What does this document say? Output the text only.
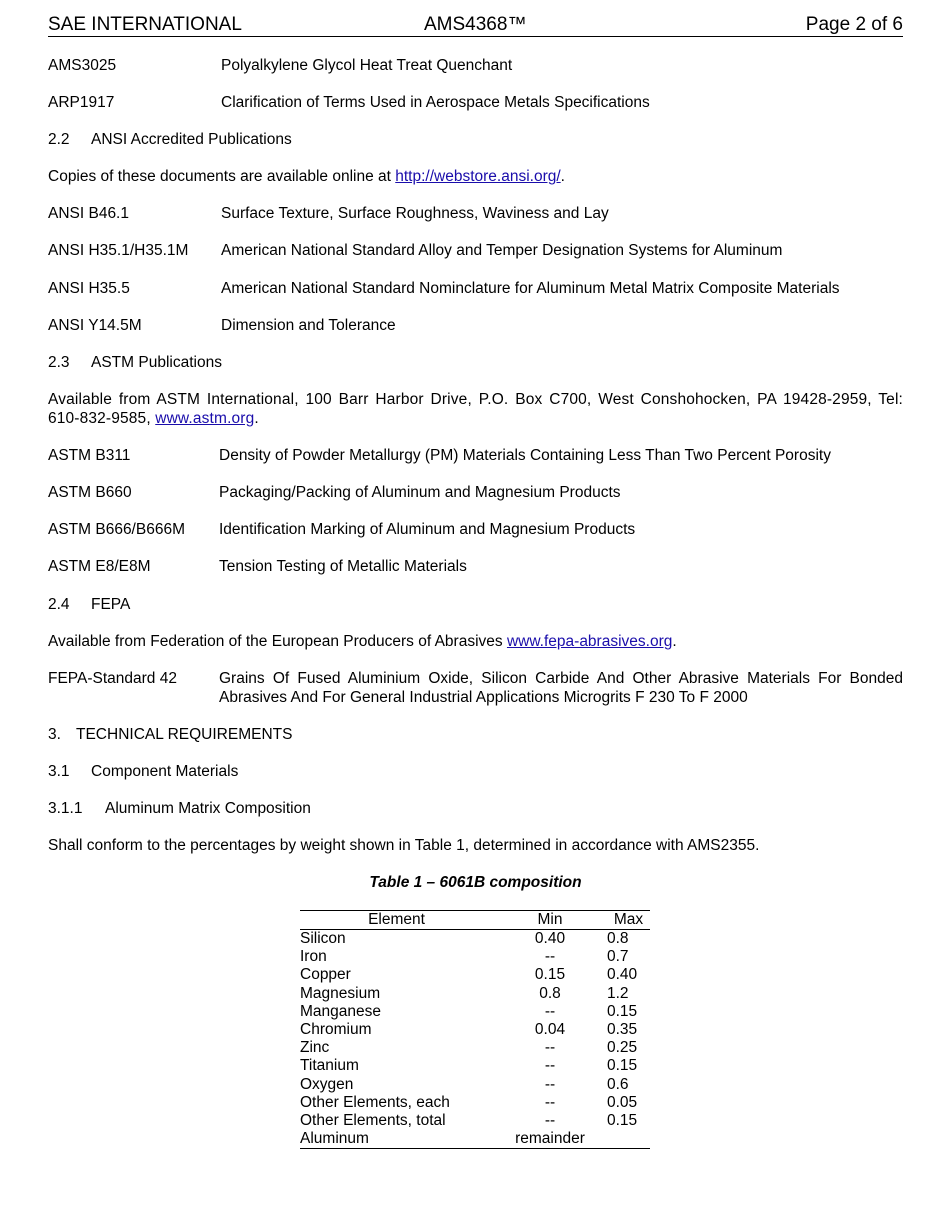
SAE INTERNATIONAL	AMS4368™	Page 2 of 6
AMS3025	Polyalkylene Glycol Heat Treat Quenchant
ARP1917	Clarification of Terms Used in Aerospace Metals Specifications
2.2 ANSI Accredited Publications
Copies of these documents are available online at http://webstore.ansi.org/.
ANSI B46.1	Surface Texture, Surface Roughness, Waviness and Lay
ANSI H35.1/H35.1M American National Standard Alloy and Temper Designation Systems for Aluminum
ANSI H35.5	American National Standard Nominclature for Aluminum Metal Matrix Composite Materials
ANSI Y14.5M	Dimension and Tolerance
2.3 ASTM Publications
Available from ASTM International, 100 Barr Harbor Drive, P.O. Box C700, West Conshohocken, PA 19428-2959, Tel: 610-832-9585, www.astm.org.
ASTM B311	Density of Powder Metallurgy (PM) Materials Containing Less Than Two Percent Porosity
ASTM B660	Packaging/Packing of Aluminum and Magnesium Products
ASTM B666/B666M Identification Marking of Aluminum and Magnesium Products
ASTM E8/E8M	Tension Testing of Metallic Materials
2.4 FEPA
Available from Federation of the European Producers of Abrasives www.fepa-abrasives.org.
FEPA-Standard 42	Grains Of Fused Aluminium Oxide, Silicon Carbide And Other Abrasive Materials For Bonded Abrasives And For General Industrial Applications Microgrits F 230 To F 2000
3. TECHNICAL REQUIREMENTS
3.1 Component Materials
3.1.1 Aluminum Matrix Composition
Shall conform to the percentages by weight shown in Table 1, determined in accordance with AMS2355.
Table 1 – 6061B composition
Element	Min	Max
Silicon	0.40	0.8
Iron	--	0.7
Copper	0.15	0.40
Magnesium	0.8	1.2
Manganese	--	0.15
Chromium	0.04	0.35
Zinc	--	0.25
Titanium	--	0.15
Oxygen	--	0.6
Other Elements, each	--	0.05
Other Elements, total	--	0.15
Aluminum	remainder	
